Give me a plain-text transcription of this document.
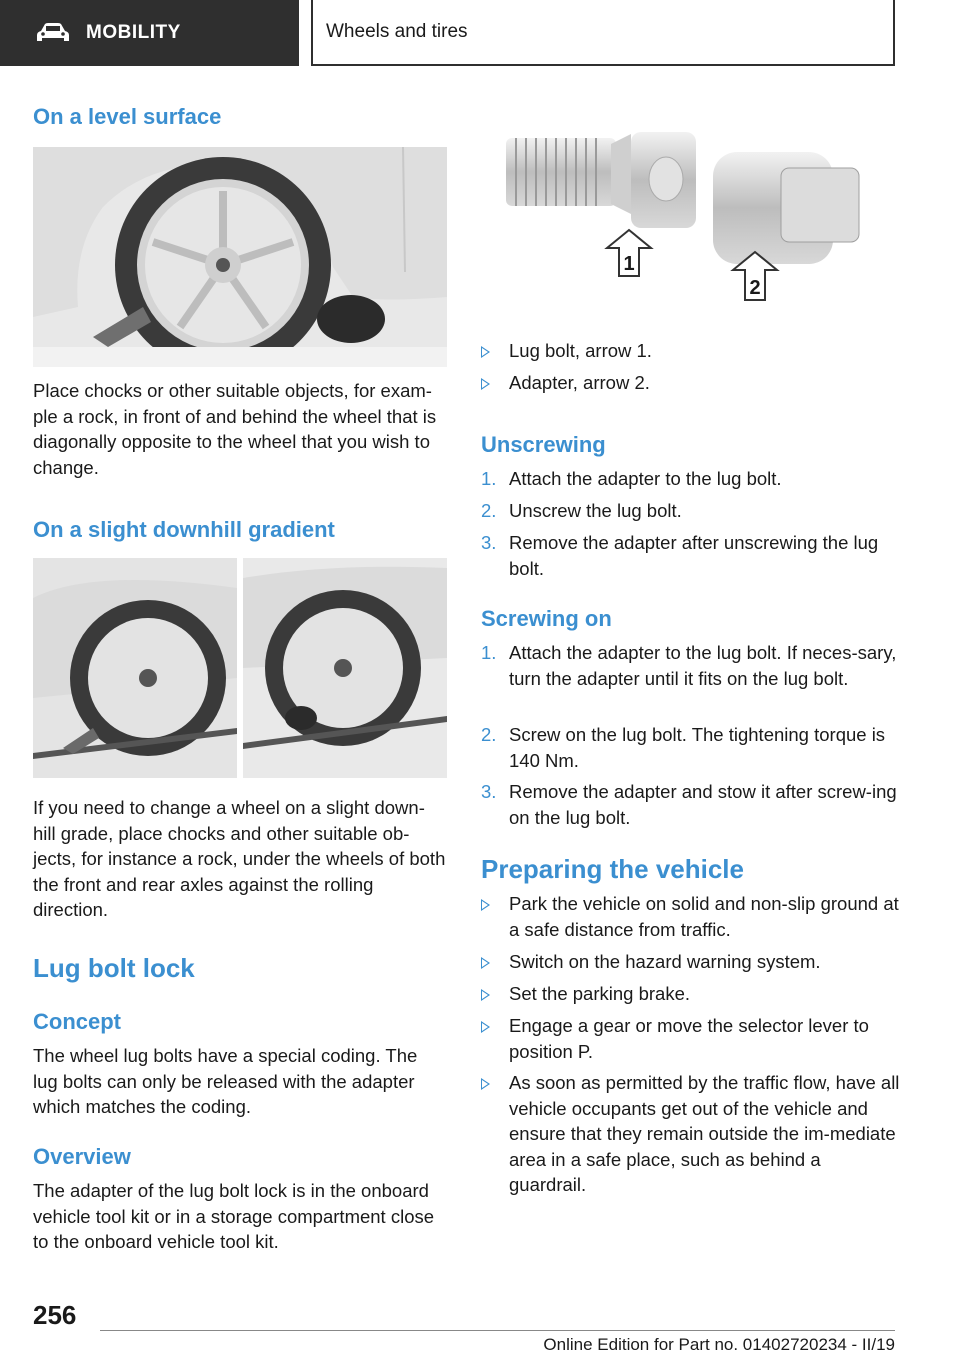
MOBILITY	Wheels and tires
On a level surface
Place chocks or other suitable objects, for exam-ple a rock, in front of and behind the wheel that is diagonally opposite to the wheel that you wish to change.
On a slight downhill gradient
If you need to change a wheel on a slight down-hill grade, place chocks and other suitable ob-jects, for instance a rock, under the wheels of both the front and rear axles against the rolling direction.
Lug bolt lock
Concept
The wheel lug bolts have a special coding. The lug bolts can only be released with the adapter which matches the coding.
Overview
The adapter of the lug bolt lock is in the onboard vehicle tool kit or in a storage compartment close to the onboard vehicle tool kit.
1
2
Lug bolt, arrow 1.
Adapter, arrow 2.
Unscrewing
1. Attach the adapter to the lug bolt.
2. Unscrew the lug bolt.
3. Remove the adapter after unscrewing the lug bolt.
Screwing on
1. Attach the adapter to the lug bolt. If neces-sary, turn the adapter until it fits on the lug bolt.
2. Screw on the lug bolt. The tightening torque is 140 Nm.
3. Remove the adapter and stow it after screw-ing on the lug bolt.
Preparing the vehicle
Park the vehicle on solid and non-slip ground at a safe distance from traffic.
Switch on the hazard warning system.
Set the parking brake.
Engage a gear or move the selector lever to position P.
As soon as permitted by the traffic flow, have all vehicle occupants get out of the vehicle and ensure that they remain outside the im-mediate area in a safe place, such as behind a guardrail.
256
Online Edition for Part no. 01402720234 - II/19
